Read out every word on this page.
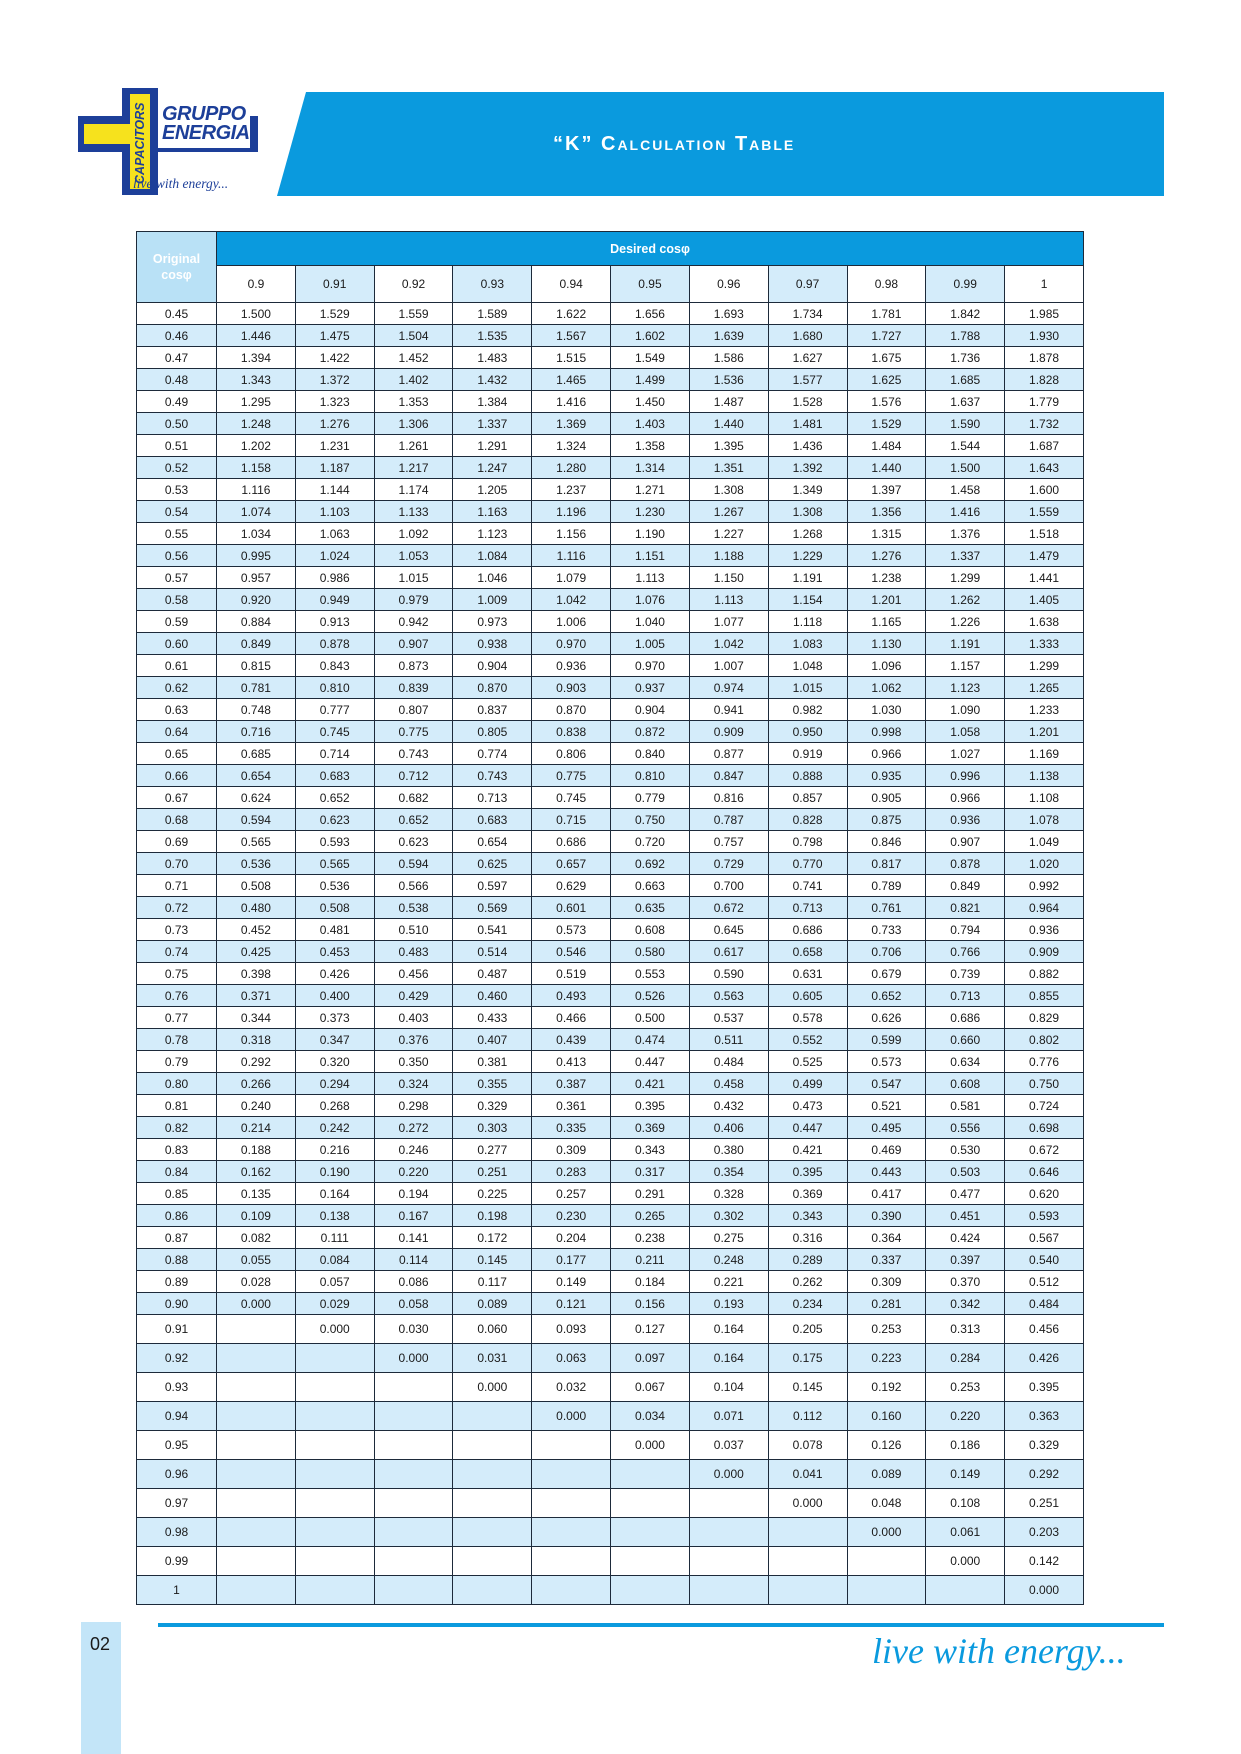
CAPACITORS GRUPPO
ENERGIA
live with energy...
“K” Calculation Table
Original cosφ	Desired cosφ										
	0.9	0.91	0.92	0.93	0.94	0.95	0.96	0.97	0.98	0.99	1
0.45	1.500	1.529	1.559	1.589	1.622	1.656	1.693	1.734	1.781	1.842	1.985
0.46	1.446	1.475	1.504	1.535	1.567	1.602	1.639	1.680	1.727	1.788	1.930
0.47	1.394	1.422	1.452	1.483	1.515	1.549	1.586	1.627	1.675	1.736	1.878
0.48	1.343	1.372	1.402	1.432	1.465	1.499	1.536	1.577	1.625	1.685	1.828
0.49	1.295	1.323	1.353	1.384	1.416	1.450	1.487	1.528	1.576	1.637	1.779
0.50	1.248	1.276	1.306	1.337	1.369	1.403	1.440	1.481	1.529	1.590	1.732
0.51	1.202	1.231	1.261	1.291	1.324	1.358	1.395	1.436	1.484	1.544	1.687
0.52	1.158	1.187	1.217	1.247	1.280	1.314	1.351	1.392	1.440	1.500	1.643
0.53	1.116	1.144	1.174	1.205	1.237	1.271	1.308	1.349	1.397	1.458	1.600
0.54	1.074	1.103	1.133	1.163	1.196	1.230	1.267	1.308	1.356	1.416	1.559
0.55	1.034	1.063	1.092	1.123	1.156	1.190	1.227	1.268	1.315	1.376	1.518
0.56	0.995	1.024	1.053	1.084	1.116	1.151	1.188	1.229	1.276	1.337	1.479
0.57	0.957	0.986	1.015	1.046	1.079	1.113	1.150	1.191	1.238	1.299	1.441
0.58	0.920	0.949	0.979	1.009	1.042	1.076	1.113	1.154	1.201	1.262	1.405
0.59	0.884	0.913	0.942	0.973	1.006	1.040	1.077	1.118	1.165	1.226	1.638
0.60	0.849	0.878	0.907	0.938	0.970	1.005	1.042	1.083	1.130	1.191	1.333
0.61	0.815	0.843	0.873	0.904	0.936	0.970	1.007	1.048	1.096	1.157	1.299
0.62	0.781	0.810	0.839	0.870	0.903	0.937	0.974	1.015	1.062	1.123	1.265
0.63	0.748	0.777	0.807	0.837	0.870	0.904	0.941	0.982	1.030	1.090	1.233
0.64	0.716	0.745	0.775	0.805	0.838	0.872	0.909	0.950	0.998	1.058	1.201
0.65	0.685	0.714	0.743	0.774	0.806	0.840	0.877	0.919	0.966	1.027	1.169
0.66	0.654	0.683	0.712	0.743	0.775	0.810	0.847	0.888	0.935	0.996	1.138
0.67	0.624	0.652	0.682	0.713	0.745	0.779	0.816	0.857	0.905	0.966	1.108
0.68	0.594	0.623	0.652	0.683	0.715	0.750	0.787	0.828	0.875	0.936	1.078
0.69	0.565	0.593	0.623	0.654	0.686	0.720	0.757	0.798	0.846	0.907	1.049
0.70	0.536	0.565	0.594	0.625	0.657	0.692	0.729	0.770	0.817	0.878	1.020
0.71	0.508	0.536	0.566	0.597	0.629	0.663	0.700	0.741	0.789	0.849	0.992
0.72	0.480	0.508	0.538	0.569	0.601	0.635	0.672	0.713	0.761	0.821	0.964
0.73	0.452	0.481	0.510	0.541	0.573	0.608	0.645	0.686	0.733	0.794	0.936
0.74	0.425	0.453	0.483	0.514	0.546	0.580	0.617	0.658	0.706	0.766	0.909
0.75	0.398	0.426	0.456	0.487	0.519	0.553	0.590	0.631	0.679	0.739	0.882
0.76	0.371	0.400	0.429	0.460	0.493	0.526	0.563	0.605	0.652	0.713	0.855
0.77	0.344	0.373	0.403	0.433	0.466	0.500	0.537	0.578	0.626	0.686	0.829
0.78	0.318	0.347	0.376	0.407	0.439	0.474	0.511	0.552	0.599	0.660	0.802
0.79	0.292	0.320	0.350	0.381	0.413	0.447	0.484	0.525	0.573	0.634	0.776
0.80	0.266	0.294	0.324	0.355	0.387	0.421	0.458	0.499	0.547	0.608	0.750
0.81	0.240	0.268	0.298	0.329	0.361	0.395	0.432	0.473	0.521	0.581	0.724
0.82	0.214	0.242	0.272	0.303	0.335	0.369	0.406	0.447	0.495	0.556	0.698
0.83	0.188	0.216	0.246	0.277	0.309	0.343	0.380	0.421	0.469	0.530	0.672
0.84	0.162	0.190	0.220	0.251	0.283	0.317	0.354	0.395	0.443	0.503	0.646
0.85	0.135	0.164	0.194	0.225	0.257	0.291	0.328	0.369	0.417	0.477	0.620
0.86	0.109	0.138	0.167	0.198	0.230	0.265	0.302	0.343	0.390	0.451	0.593
0.87	0.082	0.111	0.141	0.172	0.204	0.238	0.275	0.316	0.364	0.424	0.567
0.88	0.055	0.084	0.114	0.145	0.177	0.211	0.248	0.289	0.337	0.397	0.540
0.89	0.028	0.057	0.086	0.117	0.149	0.184	0.221	0.262	0.309	0.370	0.512
0.90	0.000	0.029	0.058	0.089	0.121	0.156	0.193	0.234	0.281	0.342	0.484
0.91		0.000	0.030	0.060	0.093	0.127	0.164	0.205	0.253	0.313	0.456
0.92			0.000	0.031	0.063	0.097	0.164	0.175	0.223	0.284	0.426
0.93				0.000	0.032	0.067	0.104	0.145	0.192	0.253	0.395
0.94					0.000	0.034	0.071	0.112	0.160	0.220	0.363
0.95						0.000	0.037	0.078	0.126	0.186	0.329
0.96							0.000	0.041	0.089	0.149	0.292
0.97								0.000	0.048	0.108	0.251
0.98									0.000	0.061	0.203
0.99										0.000	0.142
1											0.000
02	live with energy...
